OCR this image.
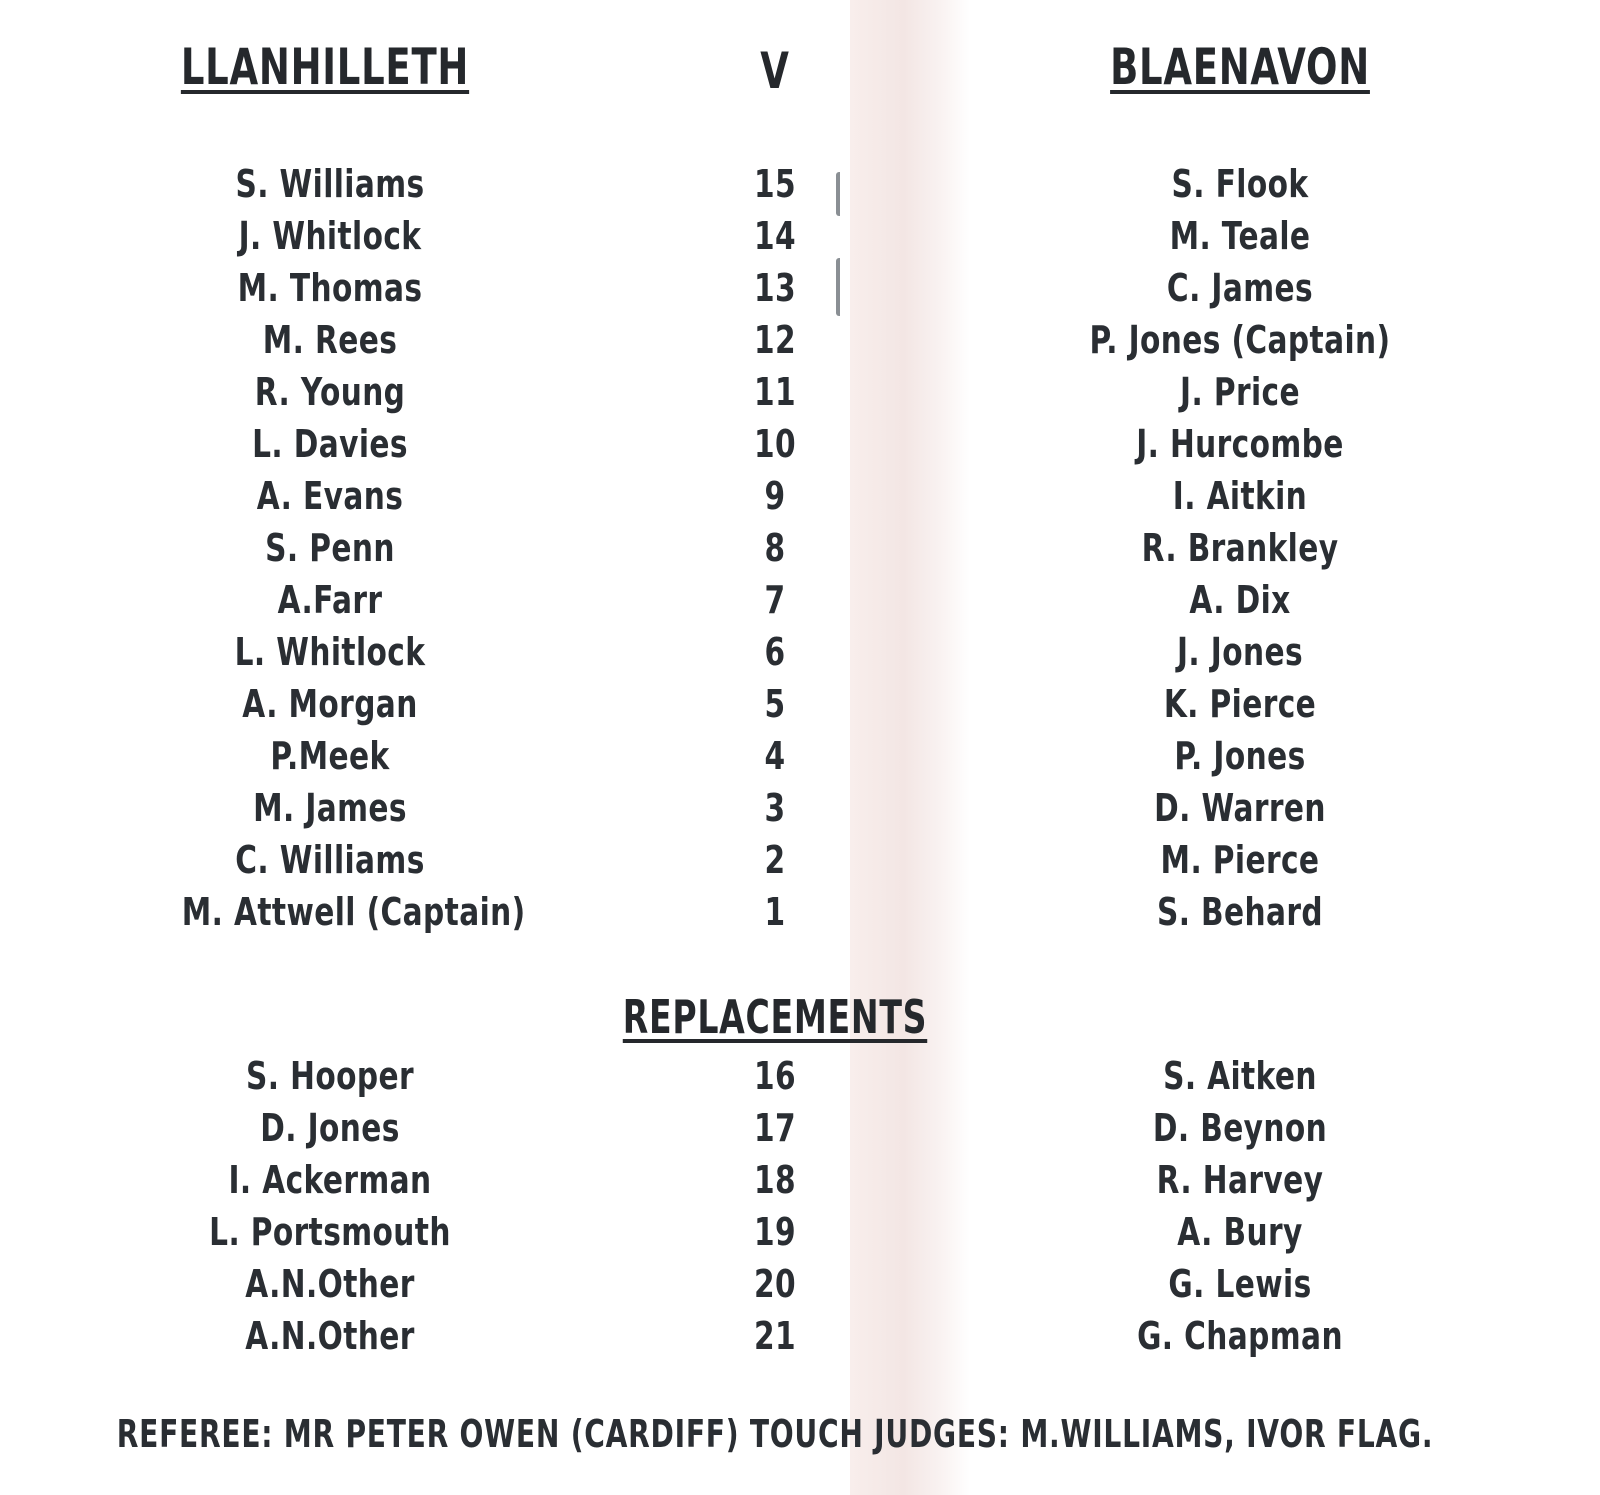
LLANHILLETH	V	BLAENAVON
S. Williams
J. Whitlock
M. Thomas
M. Rees
R. Young
L. Davies
A. Evans
S. Penn
A.Farr
L. Whitlock
A. Morgan
P.Meek
M. James
C. Williams
M. Attwell (Captain)
15
14
13
12
11
10
9
8
7
6
5
4
3
2
1
S. Flook
M. Teale
C. James
P. Jones (Captain)
J. Price
J. Hurcombe
I. Aitkin
R. Brankley
A. Dix
J. Jones
K. Pierce
P. Jones
D. Warren
M. Pierce
S. Behard
REPLACEMENTS
S. Hooper
D. Jones
I. Ackerman
L. Portsmouth
A.N.Other
A.N.Other
16
17
18
19
20
21
S. Aitken
D. Beynon
R. Harvey
A. Bury
G. Lewis
G. Chapman

REFEREE: MR PETER OWEN (CARDIFF) TOUCH JUDGES: M.WILLIAMS, IVOR FLAG.
